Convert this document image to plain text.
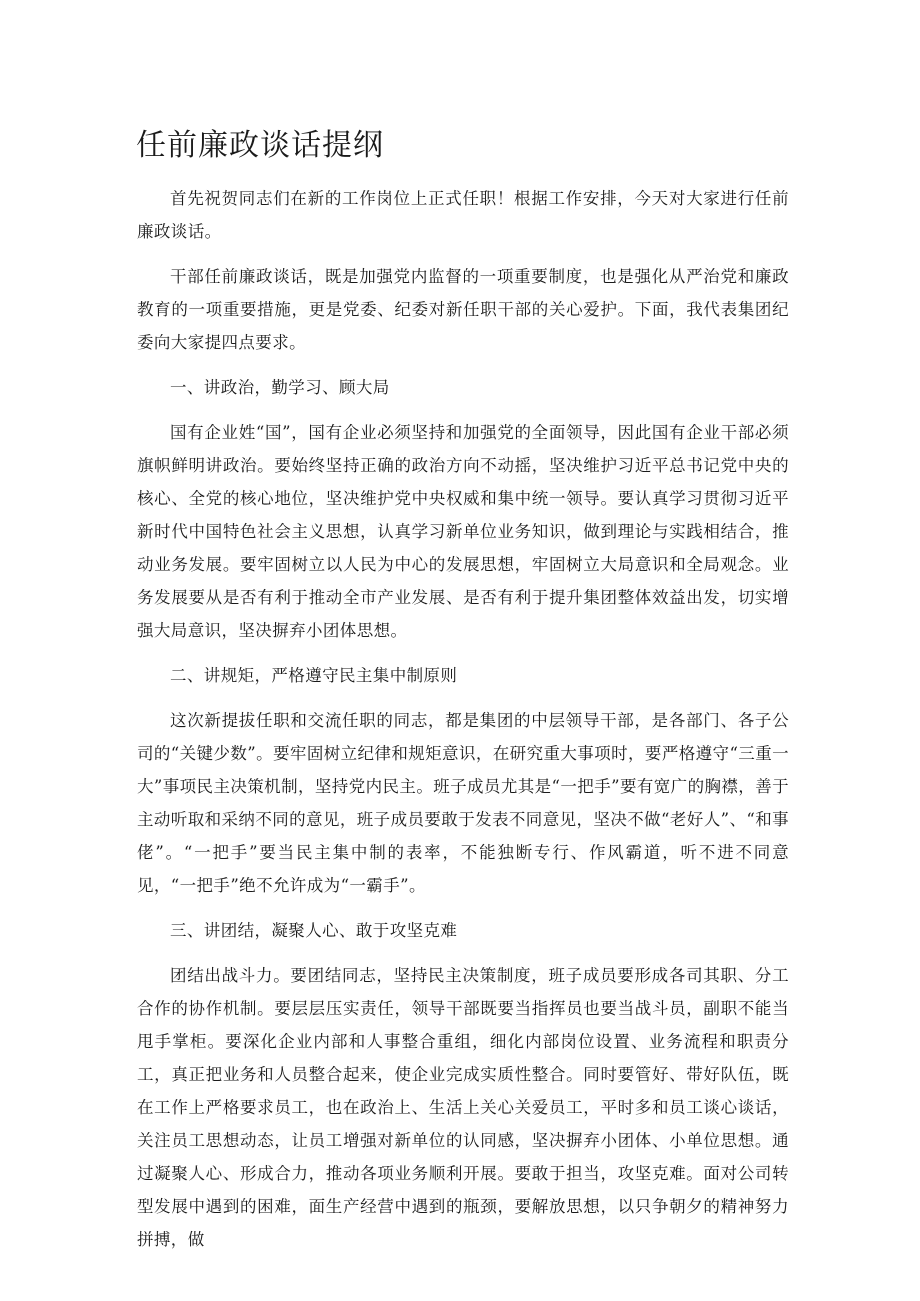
任前廉政谈话提纲

首先祝贺同志们在新的工作岗位上正式任职！根据工作安排，今天对大家进行任前廉政谈话。

干部任前廉政谈话，既是加强党内监督的一项重要制度，也是强化从严治党和廉政教育的一项重要措施，更是党委、纪委对新任职干部的关心爱护。下面，我代表集团纪委向大家提四点要求。

一、讲政治，勤学习、顾大局

国有企业姓“国”，国有企业必须坚持和加强党的全面领导，因此国有企业干部必须旗帜鲜明讲政治。要始终坚持正确的政治方向不动摇，坚决维护习近平总书记党中央的核心、全党的核心地位，坚决维护党中央权威和集中统一领导。要认真学习贯彻习近平新时代中国特色社会主义思想，认真学习新单位业务知识，做到理论与实践相结合，推动业务发展。要牢固树立以人民为中心的发展思想，牢固树立大局意识和全局观念。业务发展要从是否有利于推动全市产业发展、是否有利于提升集团整体效益出发，切实增强大局意识，坚决摒弃小团体思想。

二、讲规矩，严格遵守民主集中制原则

这次新提拔任职和交流任职的同志，都是集团的中层领导干部，是各部门、各子公司的“关键少数”。要牢固树立纪律和规矩意识，在研究重大事项时，要严格遵守“三重一大”事项民主决策机制，坚持党内民主。班子成员尤其是“一把手”要有宽广的胸襟，善于主动听取和采纳不同的意见，班子成员要敢于发表不同意见，坚决不做“老好人”、“和事佬”。“一把手”要当民主集中制的表率，不能独断专行、作风霸道，听不进不同意见，“一把手”绝不允许成为“一霸手”。

三、讲团结，凝聚人心、敢于攻坚克难

团结出战斗力。要团结同志，坚持民主决策制度，班子成员要形成各司其职、分工合作的协作机制。要层层压实责任，领导干部既要当指挥员也要当战斗员，副职不能当甩手掌柜。要深化企业内部和人事整合重组，细化内部岗位设置、业务流程和职责分工，真正把业务和人员整合起来，使企业完成实质性整合。同时要管好、带好队伍，既在工作上严格要求员工，也在政治上、生活上关心关爱员工，平时多和员工谈心谈话，关注员工思想动态，让员工增强对新单位的认同感，坚决摒弃小团体、小单位思想。通过凝聚人心、形成合力，推动各项业务顺利开展。要敢于担当，攻坚克难。面对公司转型发展中遇到的困难，面生产经营中遇到的瓶颈，要解放思想，以只争朝夕的精神努力拼搏，做
